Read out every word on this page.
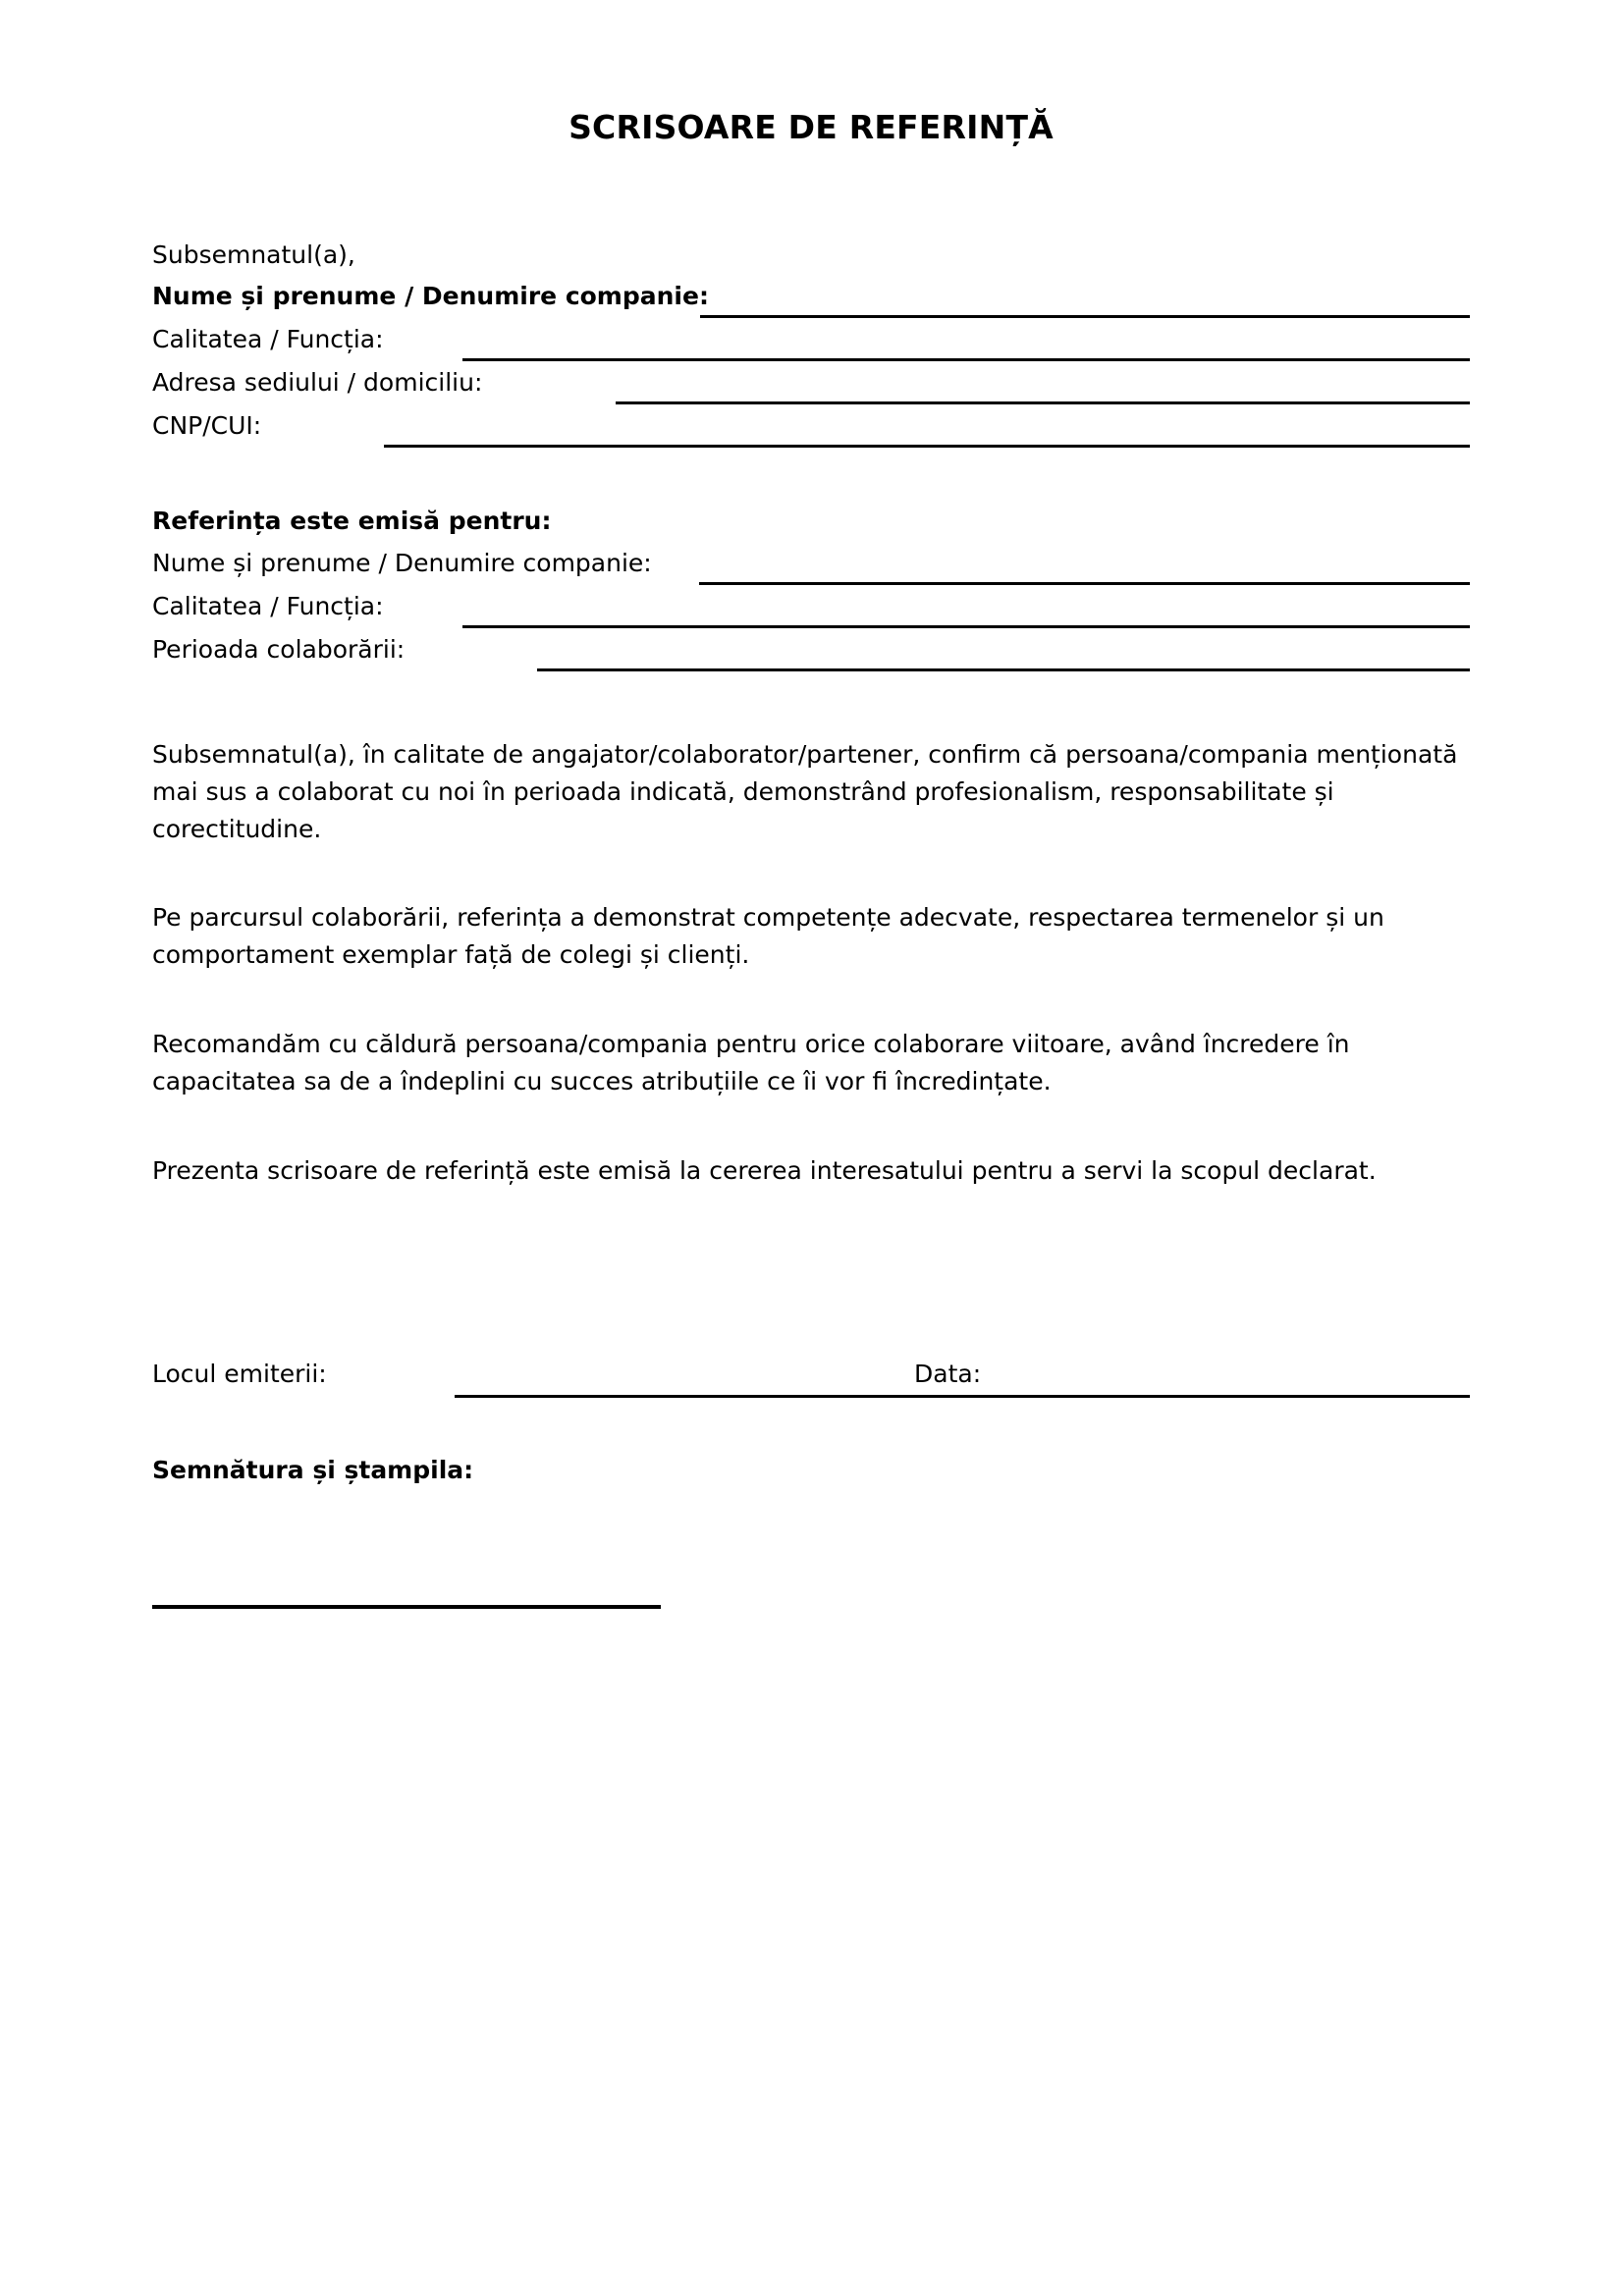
SCRISOARE DE REFERINȚĂ
Subsemnatul(a),
Nume și prenume / Denumire companie:
Calitatea / Funcția:
Adresa sediului / domiciliu:
CNP/CUI:
Referința este emisă pentru:
Nume și prenume / Denumire companie:
Calitatea / Funcția:
Perioada colaborării:
Subsemnatul(a), în calitate de angajator/colaborator/partener, confirm că persoana/compania menționată mai sus a colaborat cu noi în perioada indicată, demonstrând profesionalism, responsabilitate și corectitudine.
Pe parcursul colaborării, referința a demonstrat competențe adecvate, respectarea termenelor și un comportament exemplar față de colegi și clienți.
Recomandăm cu căldură persoana/compania pentru orice colaborare viitoare, având încredere în capacitatea sa de a îndeplini cu succes atribuțiile ce îi vor fi încredințate.
Prezenta scrisoare de referință este emisă la cererea interesatului pentru a servi la scopul declarat.
Locul emiterii:	Data:
Semnătura și ștampila:
